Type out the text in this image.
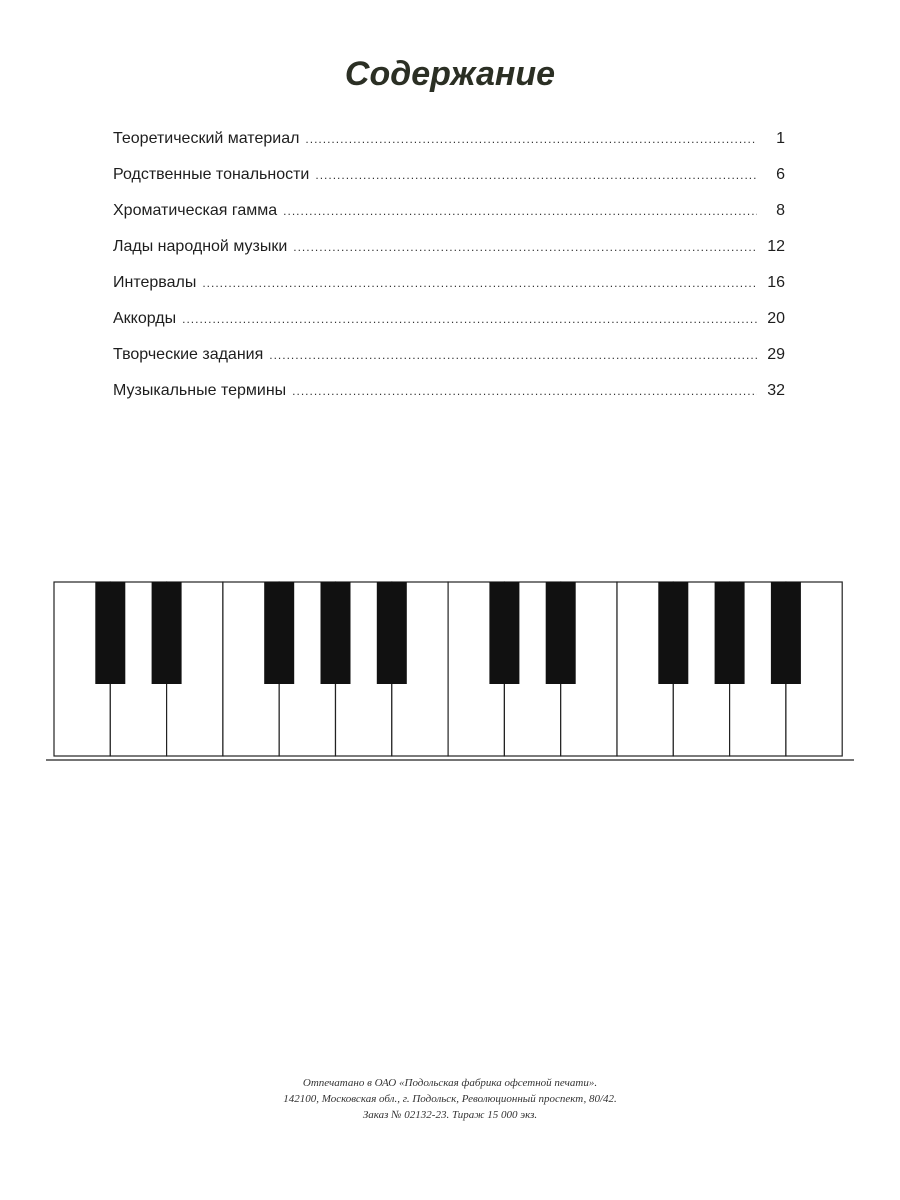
Содержание
Теоретический материал .....	1
Родственные тональности .....	6
Хроматическая гамма .....	8
Лады народной музыки .....	12
Интервалы .....	16
Аккорды .....	20
Творческие задания .....	29
Музыкальные термины .....	32
Отпечатано в ОАО «Подольская фабрика офсетной печати».
142100, Московская обл., г. Подольск, Революционный проспект, 80/42.
Заказ № 02132-23. Тираж 15 000 экз.
